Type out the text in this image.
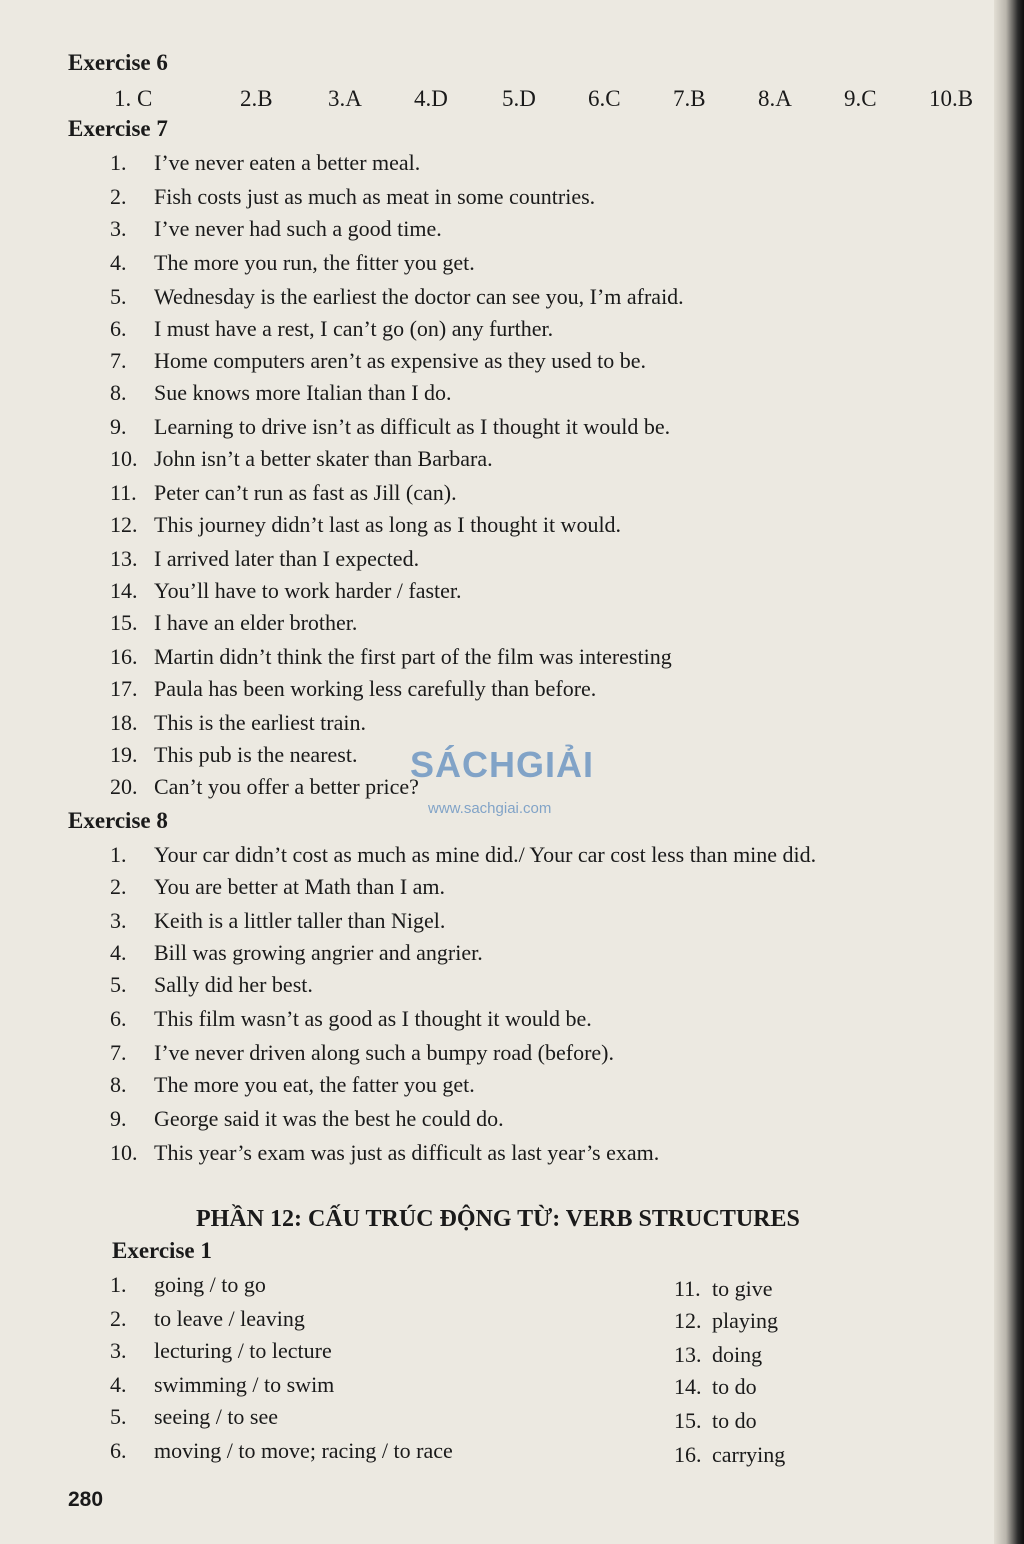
Exercise 6
1. C	2.B 3.A 4.D 5.D 6.C 7.B 8.A 9.C 10.B
Exercise 7
1. I’ve never eaten a better meal.
2. Fish costs just as much as meat in some countries.
3. I’ve never had such a good time.
4. The more you run, the fitter you get.
5. Wednesday is the earliest the doctor can see you, I’m afraid.
6. I must have a rest, I can’t go (on) any further.
7. Home computers aren’t as expensive as they used to be.
8. Sue knows more Italian than I do.
9. Learning to drive isn’t as difficult as I thought it would be.
10. John isn’t a better skater than Barbara.
11. Peter can’t run as fast as Jill (can).
12. This journey didn’t last as long as I thought it would.
13. I arrived later than I expected.
14. You’ll have to work harder / faster.
15. I have an elder brother.
16. Martin didn’t think the first part of the film was interesting
17. Paula has been working less carefully than before.
18. This is the earliest train.
19. This pub is the nearest.
20. Can’t you offer a better price?
SÁCHGIẢI
www.sachgiai.com
Exercise 8
1. Your car didn’t cost as much as mine did./ Your car cost less than mine did.
2. You are better at Math than I am.
3. Keith is a littler taller than Nigel.
4. Bill was growing angrier and angrier.
5. Sally did her best.
6. This film wasn’t as good as I thought it would be.
7. I’ve never driven along such a bumpy road (before).
8. The more you eat, the fatter you get.
9. George said it was the best he could do.
10. This year’s exam was just as difficult as last year’s exam.
PHẦN 12: CẤU TRÚC ĐỘNG TỪ: VERB STRUCTURES
Exercise 1
1. going / to go
2. to leave / leaving
3. lecturing / to lecture
4. swimming / to swim
5. seeing / to see
6. moving / to move; racing / to race
11. to give
12. playing
13. doing
14. to do
15. to do
16. carrying
280
